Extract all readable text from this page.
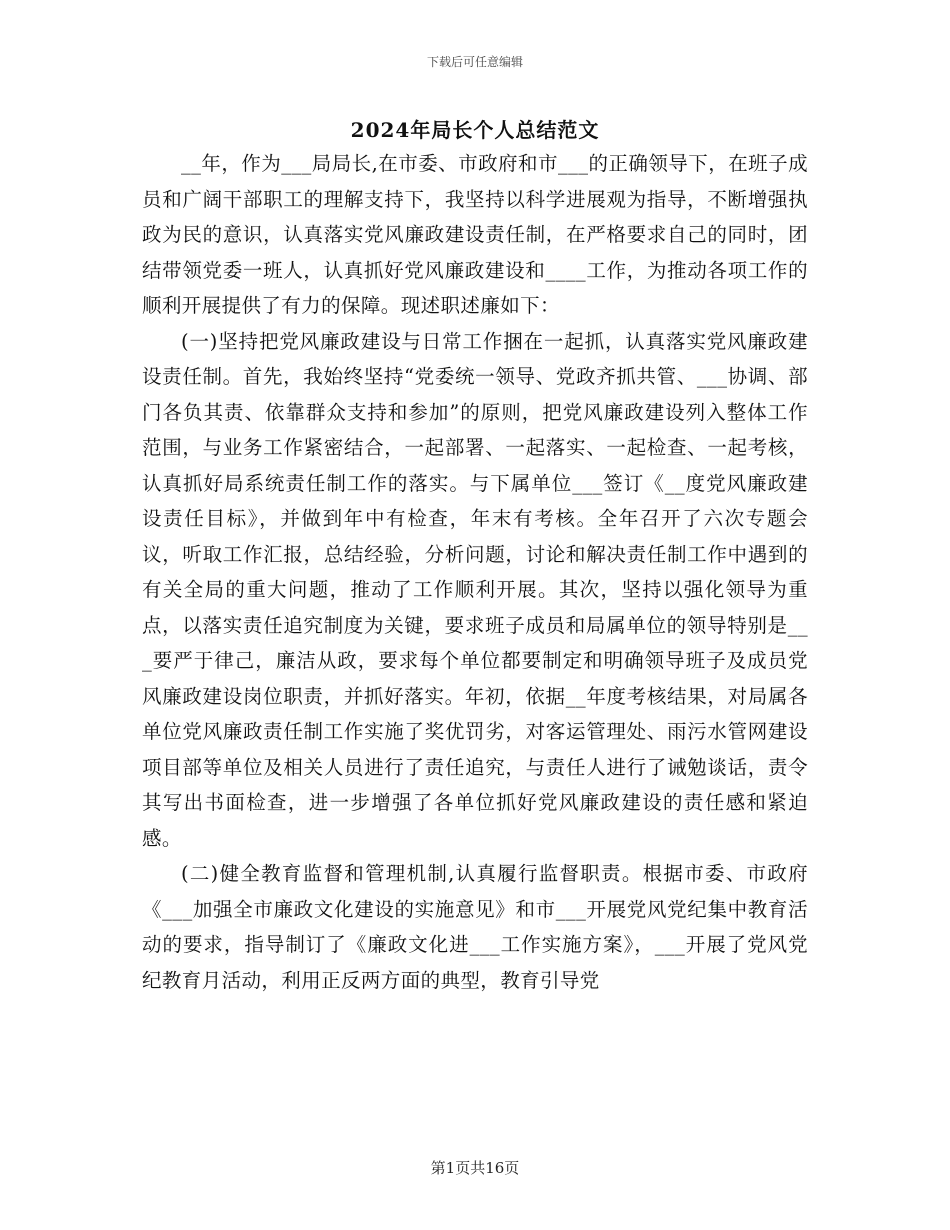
下载后可任意编辑
2024年局长个人总结范文

__年，作为___局局长,在市委、市政府和市___的正确领导下，在班子成员和广阔干部职工的理解支持下，我坚持以科学进展观为指导，不断增强执政为民的意识，认真落实党风廉政建设责任制，在严格要求自己的同时，团结带领党委一班人，认真抓好党风廉政建设和____工作，为推动各项工作的顺利开展提供了有力的保障。现述职述廉如下：

(一)坚持把党风廉政建设与日常工作捆在一起抓，认真落实党风廉政建设责任制。首先，我始终坚持“党委统一领导、党政齐抓共管、___协调、部门各负其责、依靠群众支持和参加”的原则，把党风廉政建设列入整体工作范围，与业务工作紧密结合，一起部署、一起落实、一起检查、一起考核，认真抓好局系统责任制工作的落实。与下属单位___签订《__度党风廉政建设责任目标》，并做到年中有检查，年末有考核。全年召开了六次专题会议，听取工作汇报，总结经验，分析问题，讨论和解决责任制工作中遇到的有关全局的重大问题，推动了工作顺利开展。其次，坚持以强化领导为重点，以落实责任追究制度为关键，要求班子成员和局属单位的领导特别是___要严于律己，廉洁从政，要求每个单位都要制定和明确领导班子及成员党风廉政建设岗位职责，并抓好落实。年初，依据__年度考核结果，对局属各单位党风廉政责任制工作实施了奖优罚劣，对客运管理处、雨污水管网建设项目部等单位及相关人员进行了责任追究，与责任人进行了诫勉谈话，责令其写出书面检查，进一步增强了各单位抓好党风廉政建设的责任感和紧迫感。

(二)健全教育监督和管理机制,认真履行监督职责。根据市委、市政府《___加强全市廉政文化建设的实施意见》和市___开展党风党纪集中教育活动的要求，指导制订了《廉政文化进___工作实施方案》，___开展了党风党纪教育月活动，利用正反两方面的典型，教育引导党

第1页共16页
